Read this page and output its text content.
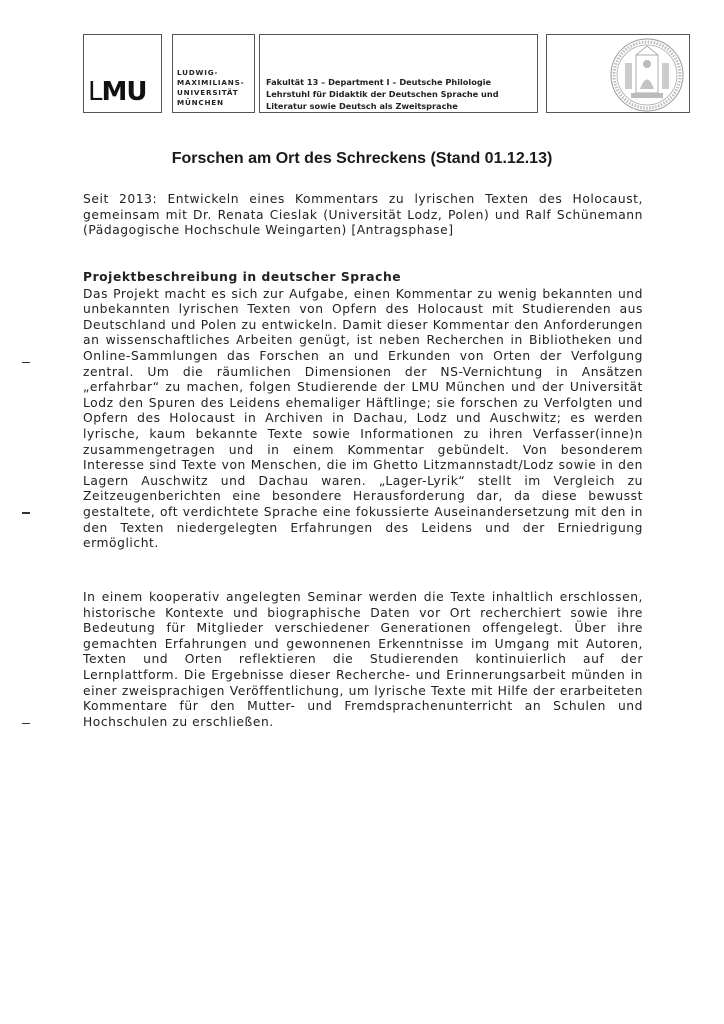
LMU
LUDWIG-
MAXIMILIANS-
UNIVERSITÄT
MÜNCHEN
Fakultät 13 – Department I – Deutsche Philologie
Lehrstuhl für Didaktik der Deutschen Sprache und
Literatur sowie Deutsch als Zweitsprache
Forschen am Ort des Schreckens (Stand 01.12.13)
Seit 2013: Entwickeln eines Kommentars zu lyrischen Texten des Holocaust, gemeinsam mit Dr. Renata Cieslak (Universität Lodz, Polen) und Ralf Schünemann (Pädagogische Hochschule Weingarten) [Antragsphase]
Projektbeschreibung in deutscher Sprache
Das Projekt macht es sich zur Aufgabe, einen Kommentar zu wenig bekannten und unbekannten lyrischen Texten von Opfern des Holocaust mit Studierenden aus Deutschland und Polen zu entwickeln. Damit dieser Kommentar den Anforderungen an wissenschaftliches Arbeiten genügt, ist neben Recherchen in Bibliotheken und Online-Sammlungen das Forschen an und Erkunden von Orten der Verfolgung zentral. Um die räumlichen Dimensionen der NS-Vernichtung in Ansätzen „erfahrbar“ zu machen, folgen Studierende der LMU München und der Universität Lodz den Spuren des Leidens ehemaliger Häftlinge; sie forschen zu Verfolgten und Opfern des Holocaust in Archiven in Dachau, Lodz und Auschwitz; es werden lyrische, kaum bekannte Texte sowie Informationen zu ihren Verfasser(inne)n zusammengetragen und in einem Kommentar gebündelt. Von besonderem Interesse sind Texte von Menschen, die im Ghetto Litzmannstadt/Lodz sowie in den Lagern Auschwitz und Dachau waren. „Lager-Lyrik“ stellt im Vergleich zu Zeitzeugenberichten eine besondere Herausforderung dar, da diese bewusst gestaltete, oft verdichtete Sprache eine fokussierte Auseinandersetzung mit den in den Texten niedergelegten Erfahrungen des Leidens und der Erniedrigung ermöglicht.
In einem kooperativ angelegten Seminar werden die Texte inhaltlich erschlossen, historische Kontexte und biographische Daten vor Ort recherchiert sowie ihre Bedeutung für Mitglieder verschiedener Generationen offengelegt. Über ihre gemachten Erfahrungen und gewonnenen Erkenntnisse im Umgang mit Autoren, Texten und Orten reflektieren die Studierenden kontinuierlich auf der Lernplattform. Die Ergebnisse dieser Recherche- und Erinnerungsarbeit münden in einer zweisprachigen Veröffentlichung, um lyrische Texte mit Hilfe der erarbeiteten Kommentare für den Mutter- und Fremdsprachenunterricht an Schulen und Hochschulen zu erschließen.
